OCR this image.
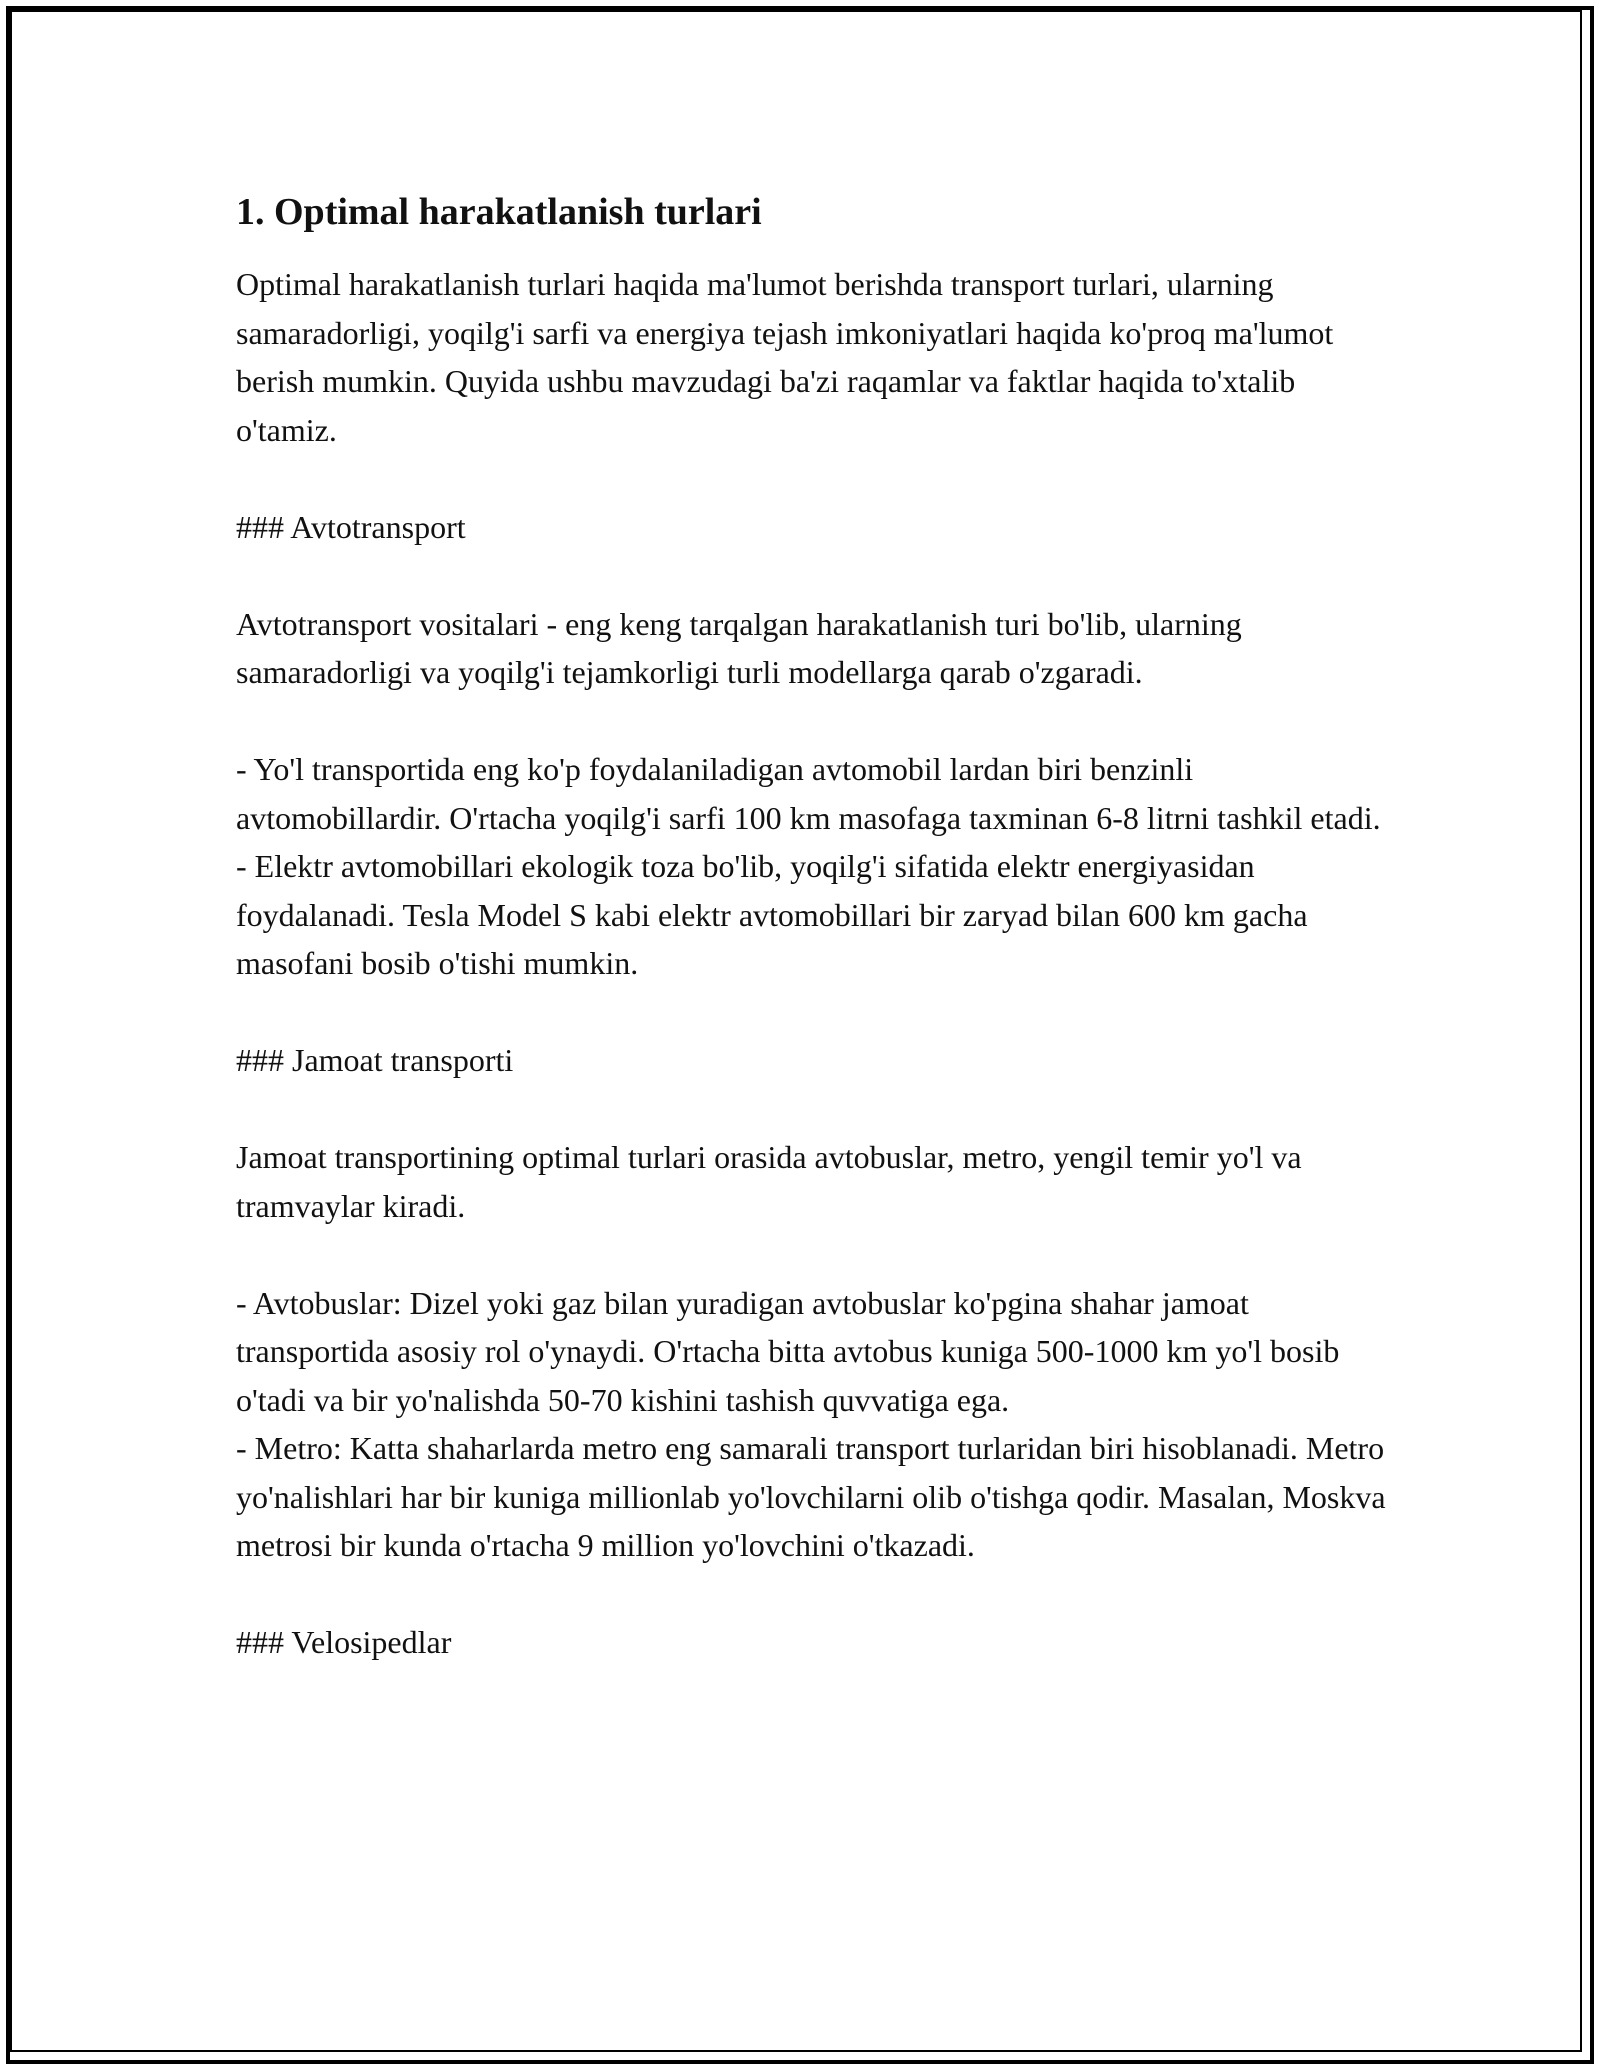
1. Optimal harakatlanish turlari

Optimal harakatlanish turlari haqida ma'lumot berishda transport turlari, ularning samaradorligi, yoqilg'i sarfi va energiya tejash imkoniyatlari haqida ko'proq ma'lumot berish mumkin. Quyida ushbu mavzudagi ba'zi raqamlar va faktlar haqida to'xtalib o'tamiz.

### Avtotransport

Avtotransport vositalari - eng keng tarqalgan harakatlanish turi bo'lib, ularning samaradorligi va yoqilg'i tejamkorligi turli modellarga qarab o'zgaradi.

- Yo'l transportida eng ko'p foydalaniladigan avtomobil lardan biri benzinli avtomobillardir. O'rtacha yoqilg'i sarfi 100 km masofaga taxminan 6-8 litrni tashkil etadi.

- Elektr avtomobillari ekologik toza bo'lib, yoqilg'i sifatida elektr energiyasidan foydalanadi. Tesla Model S kabi elektr avtomobillari bir zaryad bilan 600 km gacha masofani bosib o'tishi mumkin.

### Jamoat transporti

Jamoat transportining optimal turlari orasida avtobuslar, metro, yengil temir yo'l va tramvaylar kiradi.

- Avtobuslar: Dizel yoki gaz bilan yuradigan avtobuslar ko'pgina shahar jamoat transportida asosiy rol o'ynaydi. O'rtacha bitta avtobus kuniga 500-1000 km yo'l bosib o'tadi va bir yo'nalishda 50-70 kishini tashish quvvatiga ega.

- Metro: Katta shaharlarda metro eng samarali transport turlaridan biri hisoblanadi. Metro yo'nalishlari har bir kuniga millionlab yo'lovchilarni olib o'tishga qodir. Masalan, Moskva metrosi bir kunda o'rtacha 9 million yo'lovchini o'tkazadi.

### Velosipedlar
